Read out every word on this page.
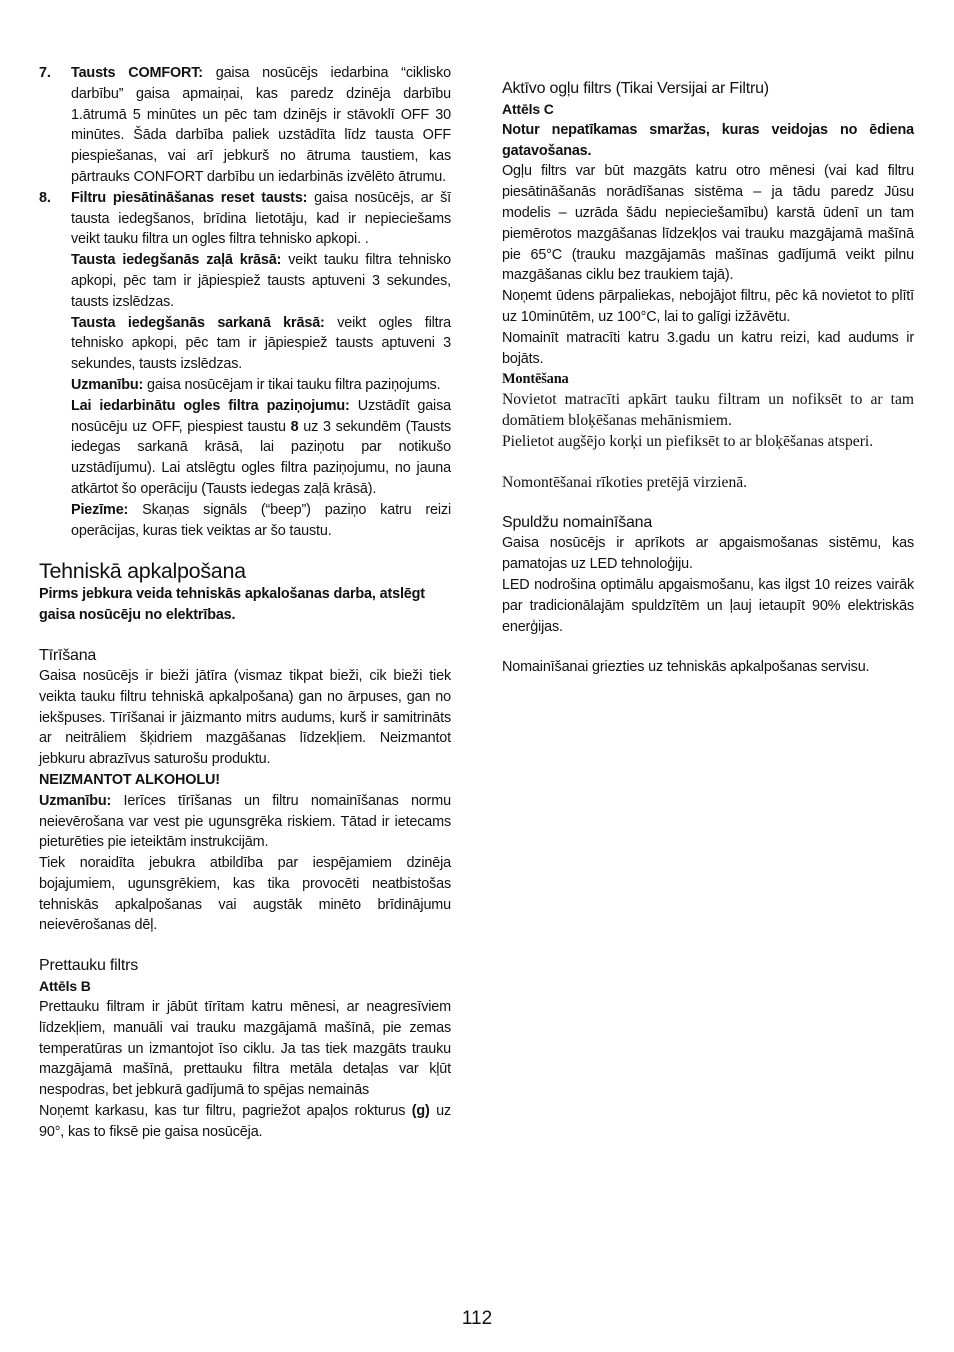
7. Tausts COMFORT: gaisa nosūcējs iedarbina “ciklisko darbību” gaisa apmaiņai, kas paredz dzinēja darbību 1.ātrumā 5 minūtes un pēc tam dzinējs ir stāvoklī OFF 30 minūtes. Šāda darbība paliek uzstādīta līdz tausta OFF piespiešanas, vai arī jebkurš no ātruma taustiem, kas pārtrauks CONFORT darbību un iedarbinās izvēlēto ātrumu.

8. Filtru piesātināšanas reset tausts: gaisa nosūcējs, ar šī tausta iedegšanos, brīdina lietotāju, kad ir nepieciešams veikt tauku filtra un ogles filtra tehnisko apkopi. .

Tausta iedegšanās zaļā krāsā: veikt tauku filtra tehnisko apkopi, pēc tam ir jāpiespiež tausts aptuveni 3 sekundes, tausts izslēdzas.

Tausta iedegšanās sarkanā krāsā: veikt ogles filtra tehnisko apkopi, pēc tam ir jāpiespiež tausts aptuveni 3 sekundes, tausts izslēdzas.

Uzmanību: gaisa nosūcējam ir tikai tauku filtra paziņojums.

Lai iedarbinātu ogles filtra paziņojumu: Uzstādīt gaisa nosūcēju uz OFF, piespiest taustu 8 uz 3 sekundēm (Tausts iedegas sarkanā krāsā, lai paziņotu par notikušo uzstādījumu). Lai atslēgtu ogles filtra paziņojumu, no jauna atkārtot šo operāciju (Tausts iedegas zaļā krāsā).

Piezīme: Skaņas signāls (“beep”) paziņo katru reizi operācijas, kuras tiek veiktas ar šo taustu.

Tehniskā apkalpošana

Pirms jebkura veida tehniskās apkalošanas darba, atslēgt gaisa nosūcēju no elektrības.

Tīrīšana

Gaisa nosūcējs ir bieži jātīra (vismaz tikpat bieži, cik bieži tiek veikta tauku filtru tehniskā apkalpošana) gan no ārpuses, gan no iekšpuses. Tīrīšanai ir jāizmanto mitrs audums, kurš ir samitrināts ar neitrāliem šķidriem mazgāšanas līdzekļiem. Neizmantot jebkuru abrazīvus saturošu produktu.

NEIZMANTOT ALKOHOLU!

Uzmanību: Ierīces tīrīšanas un filtru nomainīšanas normu neievērošana var vest pie ugunsgrēka riskiem. Tātad ir ietecams pieturēties pie ieteiktām instrukcijām.

Tiek noraidīta jebukra atbildība par iespējamiem dzinēja bojajumiem, ugunsgrēkiem, kas tika provocēti neatbistošas tehniskās apkalpošanas vai augstāk minēto brīdinājumu neievērošanas dēļ.

Prettauku filtrs

Attēls B

Prettauku filtram ir jābūt tīrītam katru mēnesi, ar neagresīviem līdzekļiem, manuāli vai trauku mazgājamā mašīnā, pie zemas temperatūras un izmantojot īso ciklu. Ja tas tiek mazgāts trauku mazgājamā mašīnā, prettauku filtra metāla detaļas var kļūt nespodras, bet jebkurā gadījumā to spējas nemainās

Noņemt karkasu, kas tur filtru, pagriežot apaļos rokturus (g) uz 90°, kas to fiksē pie gaisa nosūcēja.

Aktīvo ogļu filtrs (Tikai Versijai ar Filtru)

Attēls C

Notur nepatīkamas smaržas, kuras veidojas no ēdiena gatavošanas.

Ogļu filtrs var būt mazgāts katru otro mēnesi (vai kad filtru piesātināšanās norādīšanas sistēma – ja tādu paredz Jūsu modelis – uzrāda šādu nepieciešamību) karstā ūdenī un tam piemērotos mazgāšanas līdzekļos vai trauku mazgājamā mašīnā pie 65°C (trauku mazgājamās mašīnas gadījumā veikt pilnu mazgāšanas ciklu bez traukiem tajā).

Noņemt ūdens pārpaliekas, nebojājot filtru, pēc kā novietot to plītī uz 10minūtēm, uz 100°C, lai to galīgi izžāvētu.

Nomainīt matracīti katru 3.gadu un katru reizi, kad audums ir bojāts.

Montēšana

Novietot matracīti apkārt tauku filtram un nofiksēt to ar tam domātiem bloķēšanas mehānismiem.

Pielietot augšējo korķi un piefiksēt to ar bloķēšanas atsperi.

Nomontēšanai rīkoties pretējā virzienā.

Spuldžu nomainīšana

Gaisa nosūcējs ir aprīkots ar apgaismošanas sistēmu, kas pamatojas uz LED tehnoloģiju.

LED nodrošina optimālu apgaismošanu, kas ilgst 10 reizes vairāk par tradicionālajām spuldzītēm un ļauj ietaupīt 90% elektriskās enerģijas.

Nomainīšanai griezties uz tehniskās apkalpošanas servisu.

112
